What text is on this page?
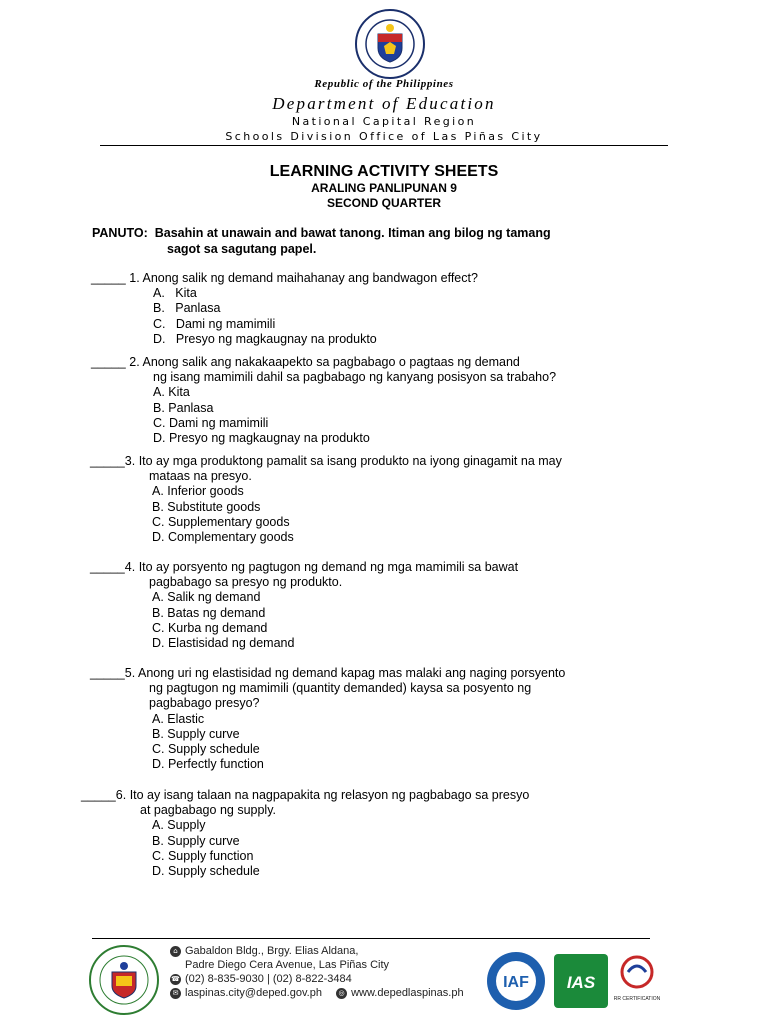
Republic of the Philippines
Department of Education
National Capital Region
Schools Division Office of Las Piñas City
LEARNING ACTIVITY SHEETS
ARALING PANLIPUNAN 9
SECOND QUARTER
PANUTO: Basahin at unawain and bawat tanong. Itiman ang bilog ng tamang
sagot sa sagutang papel.
_____ 1. Anong salik ng demand maihahanay ang bandwagon effect?
A.   Kita
B.   Panlasa
C.   Dami ng mamimili
D.   Presyo ng magkaugnay na produkto
_____ 2. Anong salik ang nakakaapekto sa pagbabago o pagtaas ng demand
ng isang mamimili dahil sa pagbabago ng kanyang posisyon sa trabaho?
A. Kita
B. Panlasa
C. Dami ng mamimili
D. Presyo ng magkaugnay na produkto
_____3. Ito ay mga produktong pamalit sa isang produkto na iyong ginagamit na may
mataas na presyo.
A. Inferior goods
B. Substitute goods
C. Supplementary goods
D. Complementary goods
_____4. Ito ay porsyento ng pagtugon ng demand ng mga mamimili sa bawat
pagbabago sa presyo ng produkto.
A. Salik ng demand
B. Batas ng demand
C. Kurba ng demand
D. Elastisidad ng demand
_____5. Anong uri ng elastisidad ng demand kapag mas malaki ang naging porsyento
ng pagtugon ng mamimili (quantity demanded) kaysa sa posyento ng
pagbabago presyo?
A. Elastic
B. Supply curve
C. Supply schedule
D. Perfectly function
_____6. Ito ay isang talaan na nagpapakita ng relasyon ng pagbabago sa presyo
at pagbabago ng supply.
A. Supply
B. Supply curve
C. Supply function
D. Supply schedule
⌂ Gabaldon Bldg., Brgy. Elias Aldana,
Padre Diego Cera Avenue, Las Piñas City
☎ (02) 8-835-9030 | (02) 8-822-3484
✉ laspinas.city@deped.gov.ph
	◎ www.depedlaspinas.ph
IAF IAS
RR CERTIFICATION
